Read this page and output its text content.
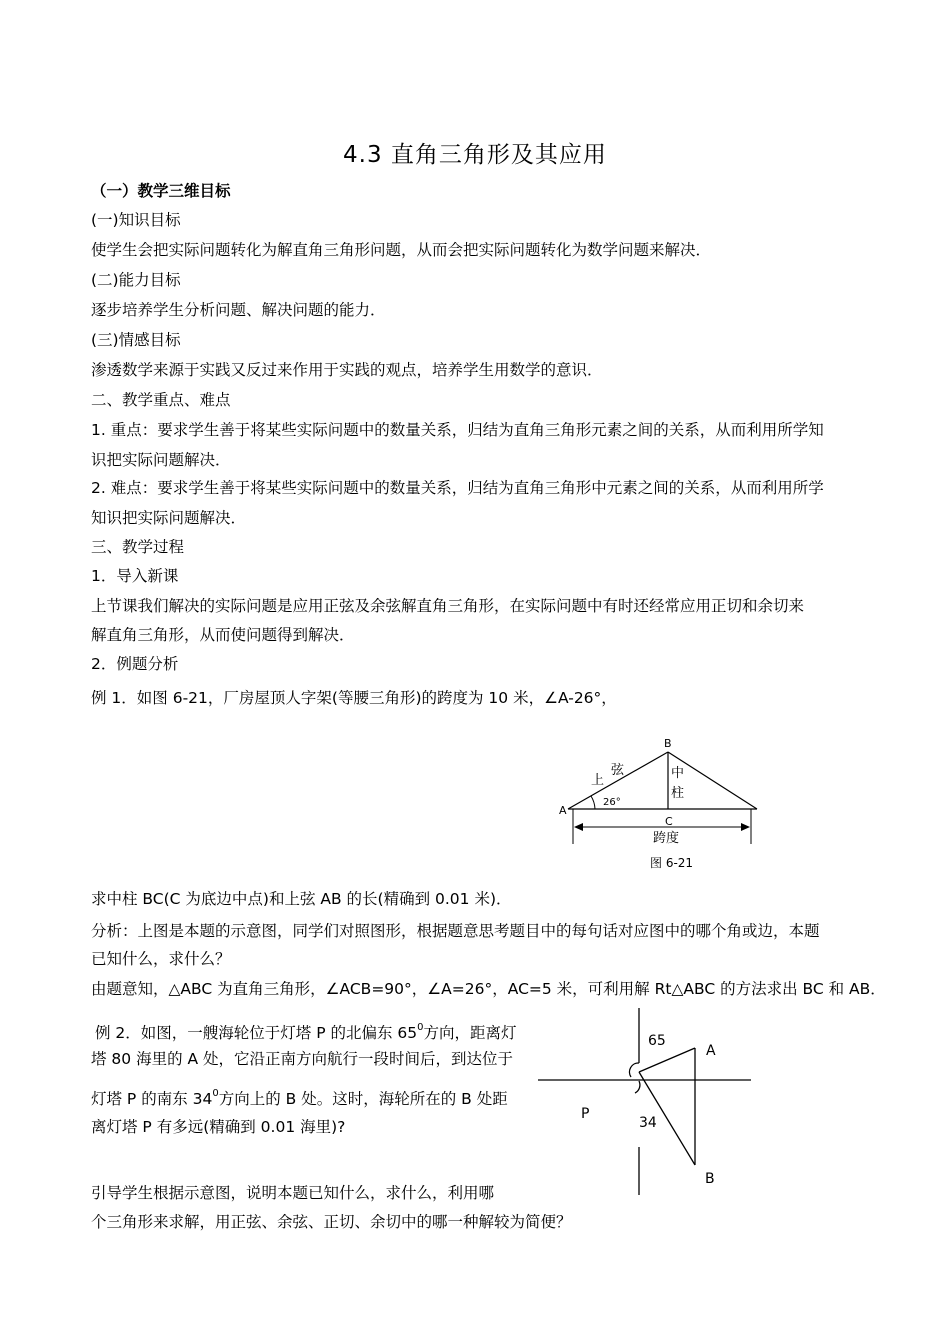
4.3 直角三角形及其应用
（一）教学三维目标
(一)知识目标
使学生会把实际问题转化为解直角三角形问题，从而会把实际问题转化为数学问题来解决．
(二)能力目标
逐步培养学生分析问题、解决问题的能力．
(三)情感目标
渗透数学来源于实践又反过来作用于实践的观点，培养学生用数学的意识．
二、教学重点、难点
1. 重点：要求学生善于将某些实际问题中的数量关系，归结为直角三角形元素之间的关系，从而利用所学知
识把实际问题解决．
2. 难点：要求学生善于将某些实际问题中的数量关系，归结为直角三角形中元素之间的关系，从而利用所学
知识把实际问题解决．
三、教学过程
1．导入新课
上节课我们解决的实际问题是应用正弦及余弦解直角三角形，在实际问题中有时还经常应用正切和余切来
解直角三角形，从而使问题得到解决．
2．例题分析
例 1．如图 6-21，厂房屋顶人字架(等腰三角形)的跨度为 10 米，∠A-26°，
A
B
C
上
弦	中
柱
26°
跨度
图 6-21
求中柱 BC(C 为底边中点)和上弦 AB 的长(精确到 0.01 米)．
分析：上图是本题的示意图，同学们对照图形，根据题意思考题目中的每句话对应图中的哪个角或边，本题
已知什么，求什么？
由题意知，△ABC 为直角三角形，∠ACB=90°，∠A=26°，AC=5 米，可利用解 Rt△ABC 的方法求出 BC 和 AB．
例 2．如图，一艘海轮位于灯塔 P 的北偏东 $65^0$方向，距离灯
塔 80 海里的 A 处，它沿正南方向航行一段时间后，到达位于
灯塔 P 的南东 $34^0$方向上的 B 处。这时，海轮所在的 B 处距
离灯塔 P 有多远(精确到 0.01 海里)?
65
A
P
34
B
引导学生根据示意图，说明本题已知什么，求什么，利用哪
个三角形来求解，用正弦、余弦、正切、余切中的哪一种解较为简便？
